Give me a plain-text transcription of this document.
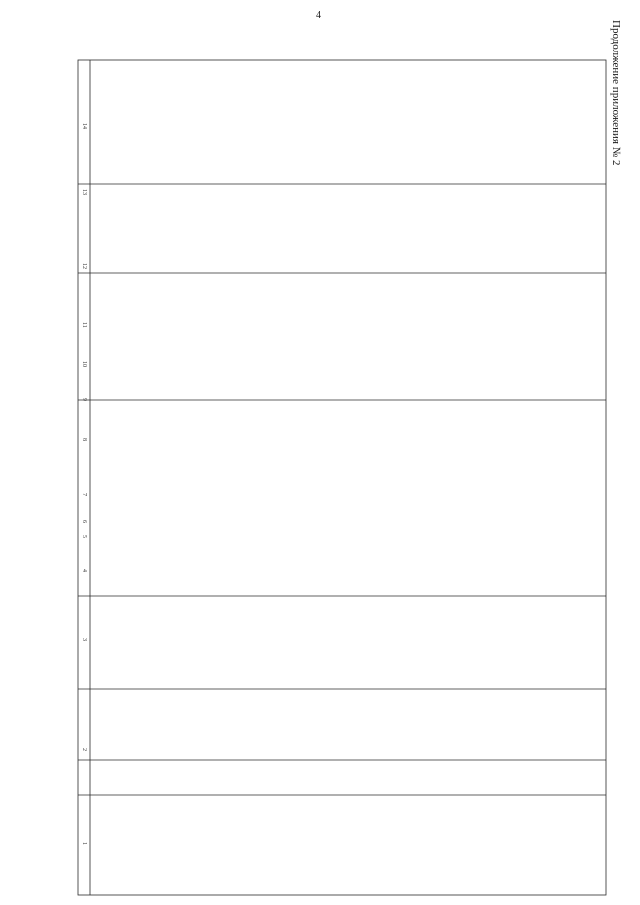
4
Продолжение приложения № 2
1
2
3
4
5
6
7
8
9
10
11
12
13
14
